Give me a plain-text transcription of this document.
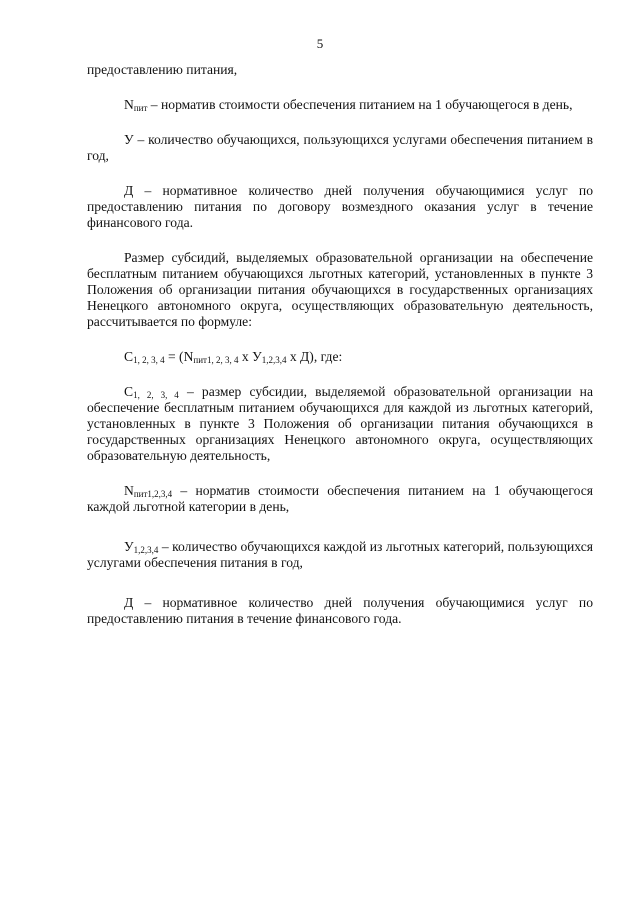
5

предоставлению питания,

$N_{пит}$ – норматив стоимости обеспечения питанием на 1 обучающегося в день,

У – количество обучающихся, пользующихся услугами обеспечения питанием в год,

Д – нормативное количество дней получения обучающимися услуг по предоставлению питания по договору возмездного оказания услуг в течение финансового года.

Размер субсидий, выделяемых образовательной организации на обеспечение бесплатным питанием обучающихся льготных категорий, установленных в пункте 3 Положения об организации питания обучающихся в государственных организациях Ненецкого автономного округа, осуществляющих образовательную деятельность, рассчитывается по формуле:

$С_{1, 2, 3, 4} = (N_{пит1, 2, 3, 4}$ х $У_{1,2,3,4}$ х Д), где:

$С_{1, 2, 3, 4}$ – размер субсидии, выделяемой образовательной организации на обеспечение бесплатным питанием обучающихся для каждой из льготных категорий, установленных в пункте 3 Положения об организации питания обучающихся в государственных организациях Ненецкого автономного округа, осуществляющих образовательную деятельность,

$N_{пит1,2,3,4}$ – норматив стоимости обеспечения питанием на 1 обучающегося каждой льготной категории в день,

$У_{1,2,3,4}$ – количество обучающихся каждой из льготных категорий, пользующихся услугами обеспечения питания в год,

Д – нормативное количество дней получения обучающимися услуг по предоставлению питания в течение финансового года.
